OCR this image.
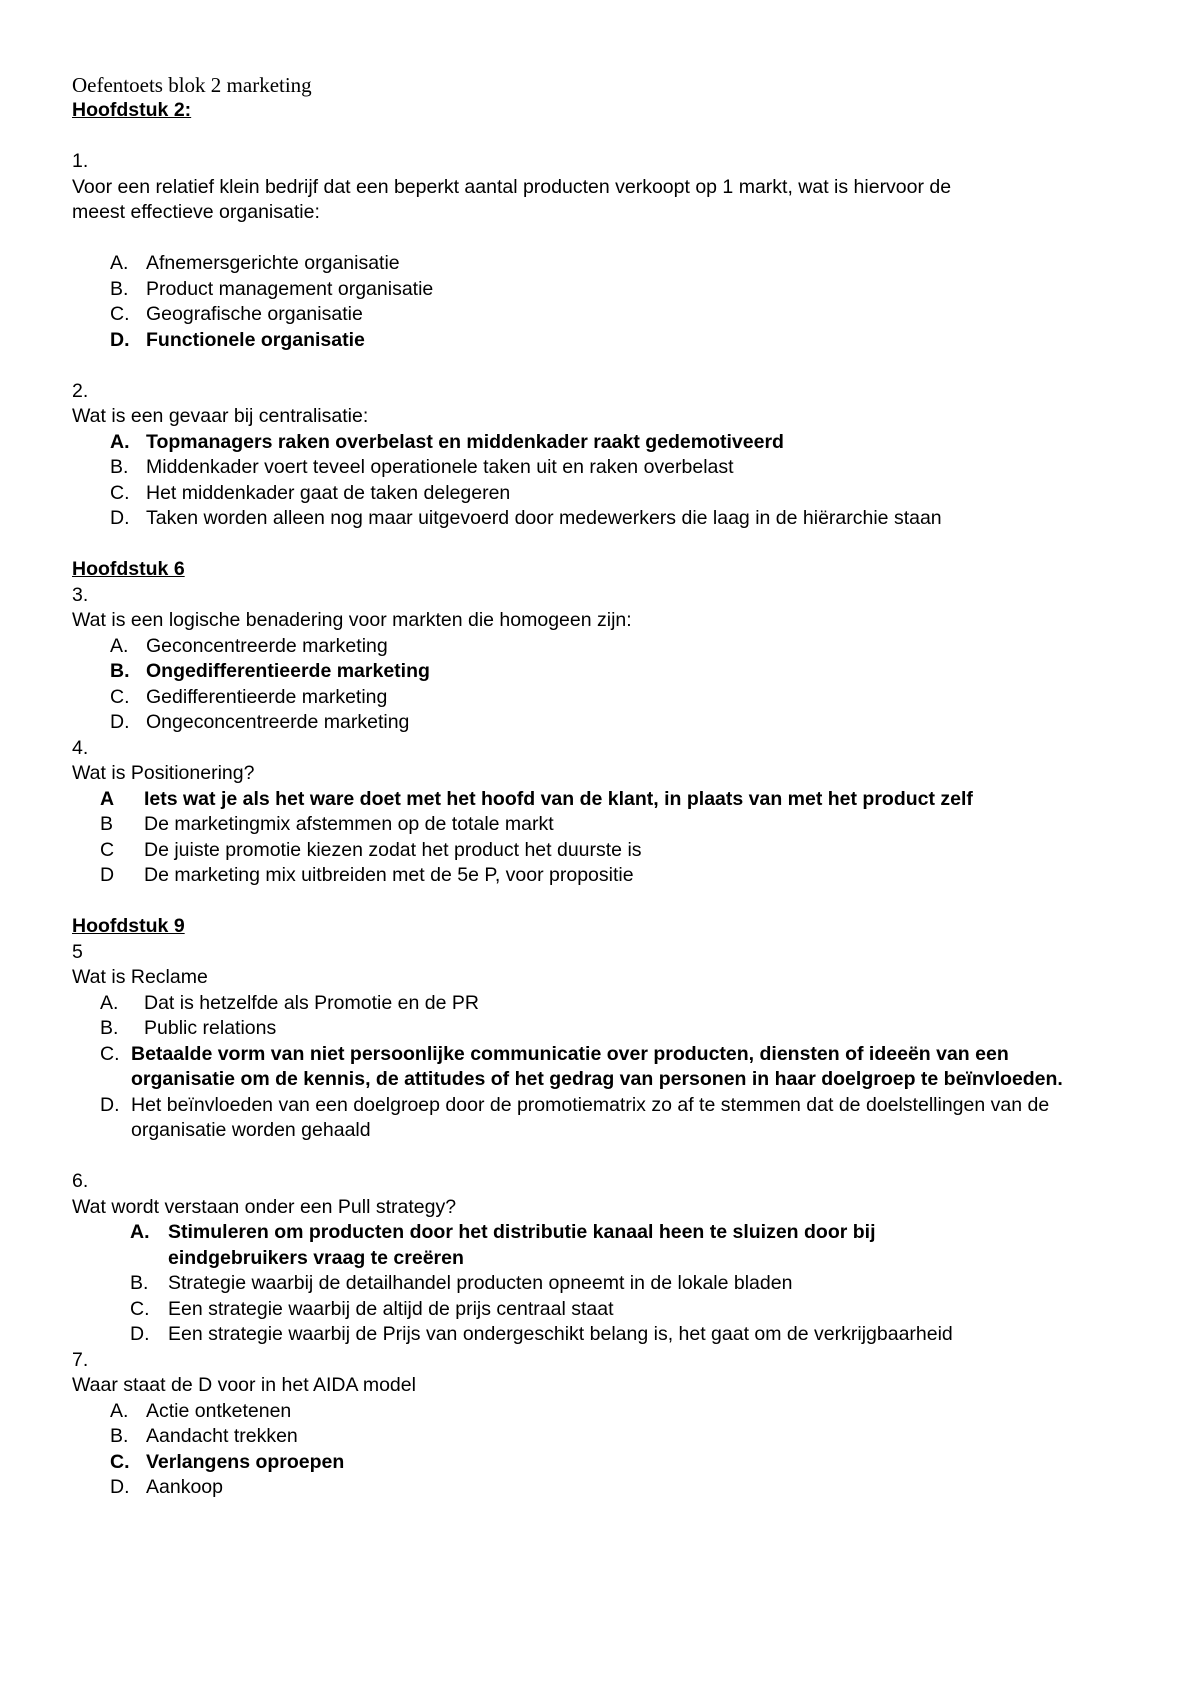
Oefentoets blok 2 marketing
Hoofdstuk 2:
1.
Voor een relatief klein bedrijf dat een beperkt aantal producten verkoopt op 1 markt, wat is hiervoor de
meest effectieve organisatie:
A. Afnemersgerichte organisatie
B. Product management organisatie
C. Geografische organisatie
D. Functionele organisatie
2.
Wat is een gevaar bij centralisatie:
A. Topmanagers raken overbelast en middenkader raakt gedemotiveerd
B. Middenkader voert teveel operationele taken uit en raken overbelast
C. Het middenkader gaat de taken delegeren
D. Taken worden alleen nog maar uitgevoerd door medewerkers die laag in de hiërarchie staan
Hoofdstuk 6
3.
Wat is een logische benadering voor markten die homogeen zijn:
A. Geconcentreerde marketing
B. Ongedifferentieerde marketing
C. Gedifferentieerde marketing
D. Ongeconcentreerde marketing
4.
Wat is Positionering?
A	Iets wat je als het ware doet met het hoofd van de klant, in plaats van met het product zelf
B	De marketingmix afstemmen op de totale markt
C	De juiste promotie kiezen zodat het product het duurste is
D	De marketing mix uitbreiden met de 5e P, voor propositie
Hoofdstuk 9
5
Wat is Reclame
A.	Dat is hetzelfde als Promotie en de PR
B.	Public relations
C. Betaalde vorm van niet persoonlijke communicatie over producten, diensten of ideeën van een organisatie om de kennis, de attitudes of het gedrag van personen in haar doelgroep te beïnvloeden.
D. Het beïnvloeden van een doelgroep door de promotiematrix zo af te stemmen dat de doelstellingen van de organisatie worden gehaald
6.
Wat wordt verstaan onder een Pull strategy?
A. Stimuleren om producten door het distributie kanaal heen te sluizen door bij eindgebruikers vraag te creëren
B.	Strategie waarbij de detailhandel producten opneemt in de lokale bladen
C. Een strategie waarbij de altijd de prijs centraal staat
D. Een strategie waarbij de Prijs van ondergeschikt belang is, het gaat om de verkrijgbaarheid
7.
Waar staat de D voor in het AIDA model
A. Actie ontketenen
B. Aandacht trekken
C. Verlangens oproepen
D. Aankoop
